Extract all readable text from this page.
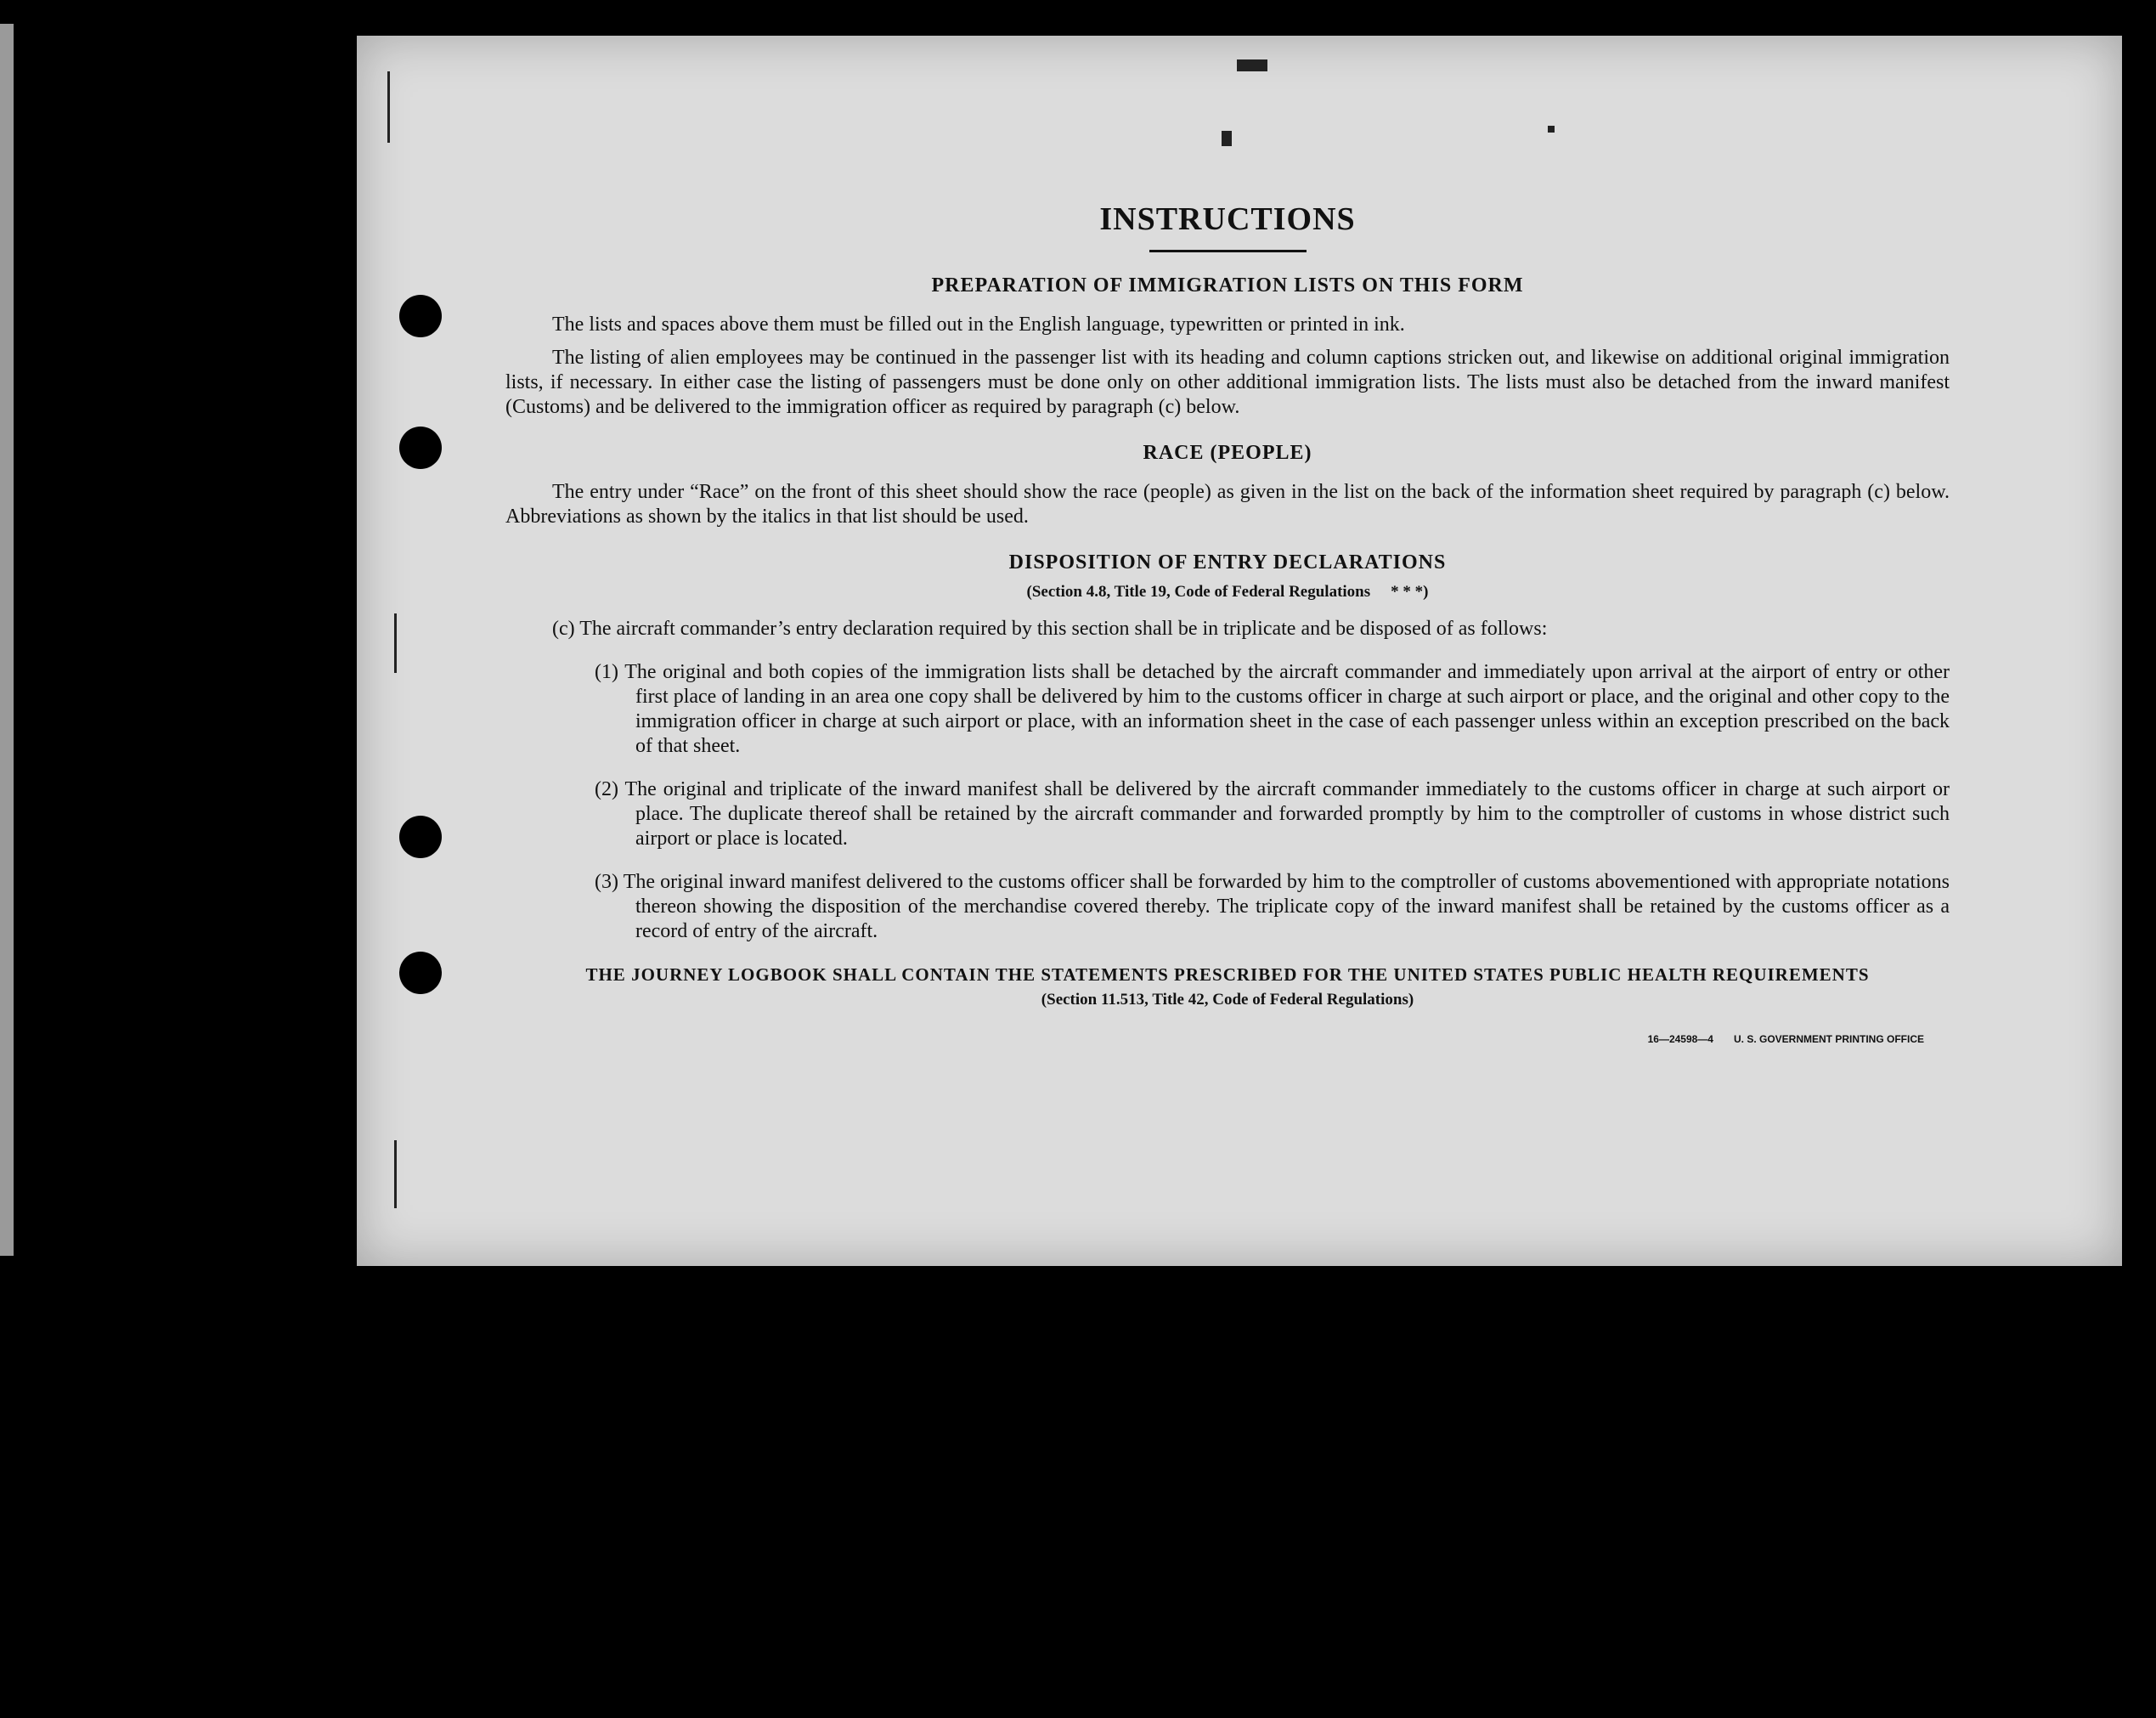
INSTRUCTIONS
PREPARATION OF IMMIGRATION LISTS ON THIS FORM

The lists and spaces above them must be filled out in the English language, typewritten or printed in ink.

The listing of alien employees may be continued in the passenger list with its heading and column captions stricken out, and likewise on additional original immigration lists, if necessary. In either case the listing of passengers must be done only on other additional immigration lists. The lists must also be detached from the inward manifest (Customs) and be delivered to the immigration officer as required by paragraph (c) below.

RACE (PEOPLE)

The entry under “Race” on the front of this sheet should show the race (people) as given in the list on the back of the information sheet required by paragraph (c) below. Abbreviations as shown by the italics in that list should be used.

DISPOSITION OF ENTRY DECLARATIONS
(Section 4.8, Title 19, Code of Federal Regulations * * *)

(c) The aircraft commander’s entry declaration required by this section shall be in triplicate and be disposed of as follows:

(1) The original and both copies of the immigration lists shall be detached by the aircraft commander and immediately upon arrival at the airport of entry or other first place of landing in an area one copy shall be delivered by him to the customs officer in charge at such airport or place, and the original and other copy to the immigration officer in charge at such airport or place, with an information sheet in the case of each passenger unless within an exception prescribed on the back of that sheet.

(2) The original and triplicate of the inward manifest shall be delivered by the aircraft commander immediately to the customs officer in charge at such airport or place. The duplicate thereof shall be retained by the aircraft commander and forwarded promptly by him to the comptroller of customs in whose district such airport or place is located.

(3) The original inward manifest delivered to the customs officer shall be forwarded by him to the comptroller of customs abovementioned with appropriate notations thereon showing the disposition of the merchandise covered thereby. The triplicate copy of the inward manifest shall be retained by the customs officer as a record of entry of the aircraft.

THE JOURNEY LOGBOOK SHALL CONTAIN THE STATEMENTS PRESCRIBED FOR THE UNITED STATES PUBLIC HEALTH REQUIREMENTS
(Section 11.513, Title 42, Code of Federal Regulations)
16—24598—4 U. S. GOVERNMENT PRINTING OFFICE
